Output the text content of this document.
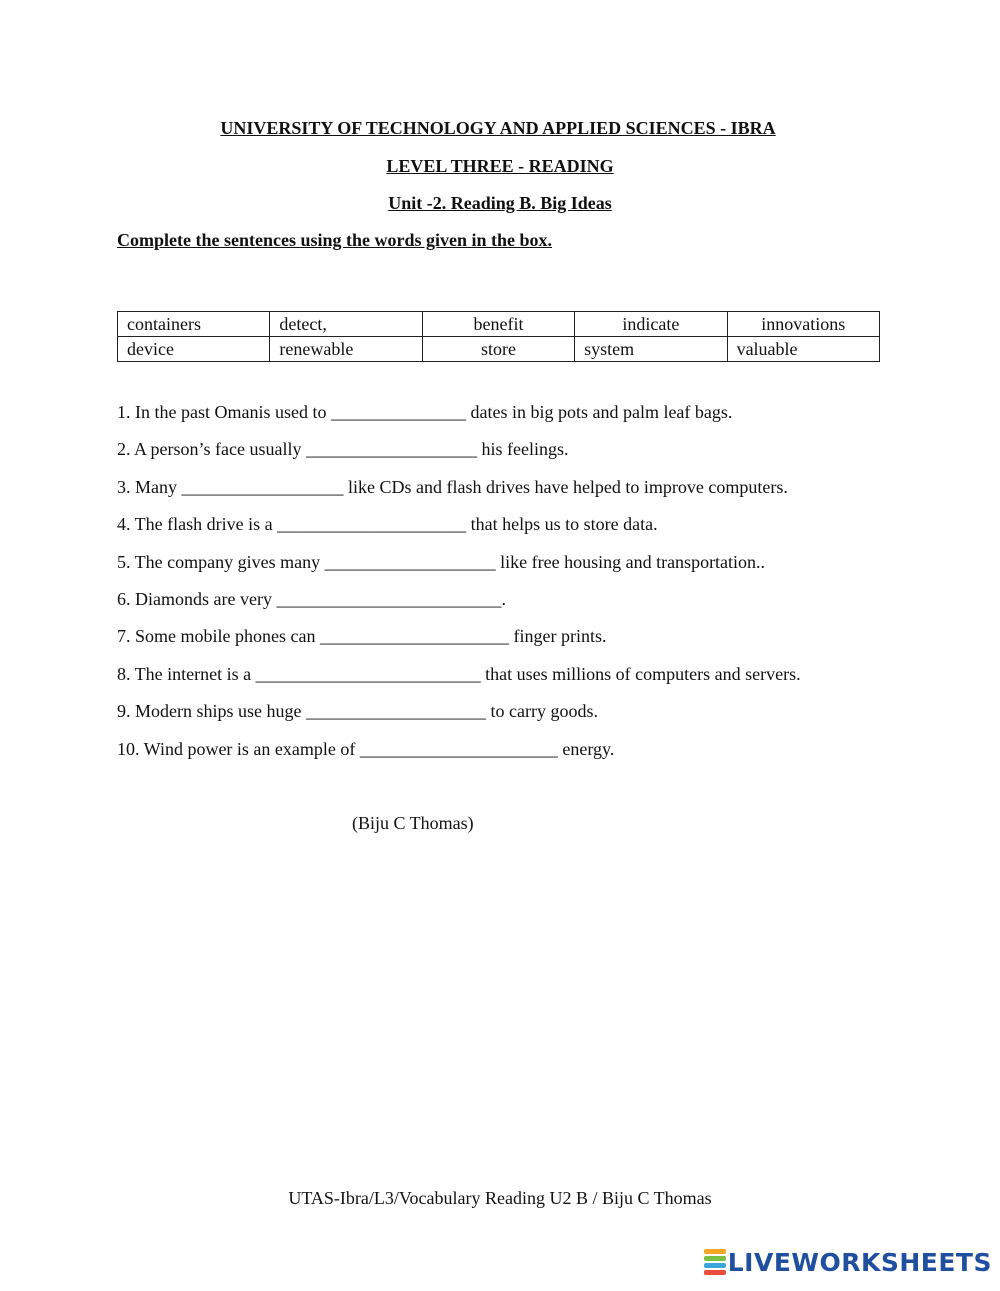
UNIVERSITY OF TECHNOLOGY AND APPLIED SCIENCES - IBRA
LEVEL THREE - READING
Unit -2. Reading B. Big Ideas
Complete the sentences using the words given in the box.
containers	detect,	benefit	indicate	innovations
device	renewable	store	system	valuable
1. In the past Omanis used to _______________ dates in big pots and palm leaf bags.
2. A person’s face usually ___________________ his feelings.
3. Many __________________ like CDs and flash drives have helped to improve computers.
4. The flash drive is a _____________________ that helps us to store data.
5. The company gives many ___________________ like free housing and transportation..
6. Diamonds are very _________________________.
7. Some mobile phones can _____________________ finger prints.
8. The internet is a _________________________ that uses millions of computers and servers.
9. Modern ships use huge ____________________ to carry goods.
10. Wind power is an example of ______________________ energy.
(Biju C Thomas)
UTAS-Ibra/L3/Vocabulary Reading U2 B / Biju C Thomas
LIVEWORKSHEETS
